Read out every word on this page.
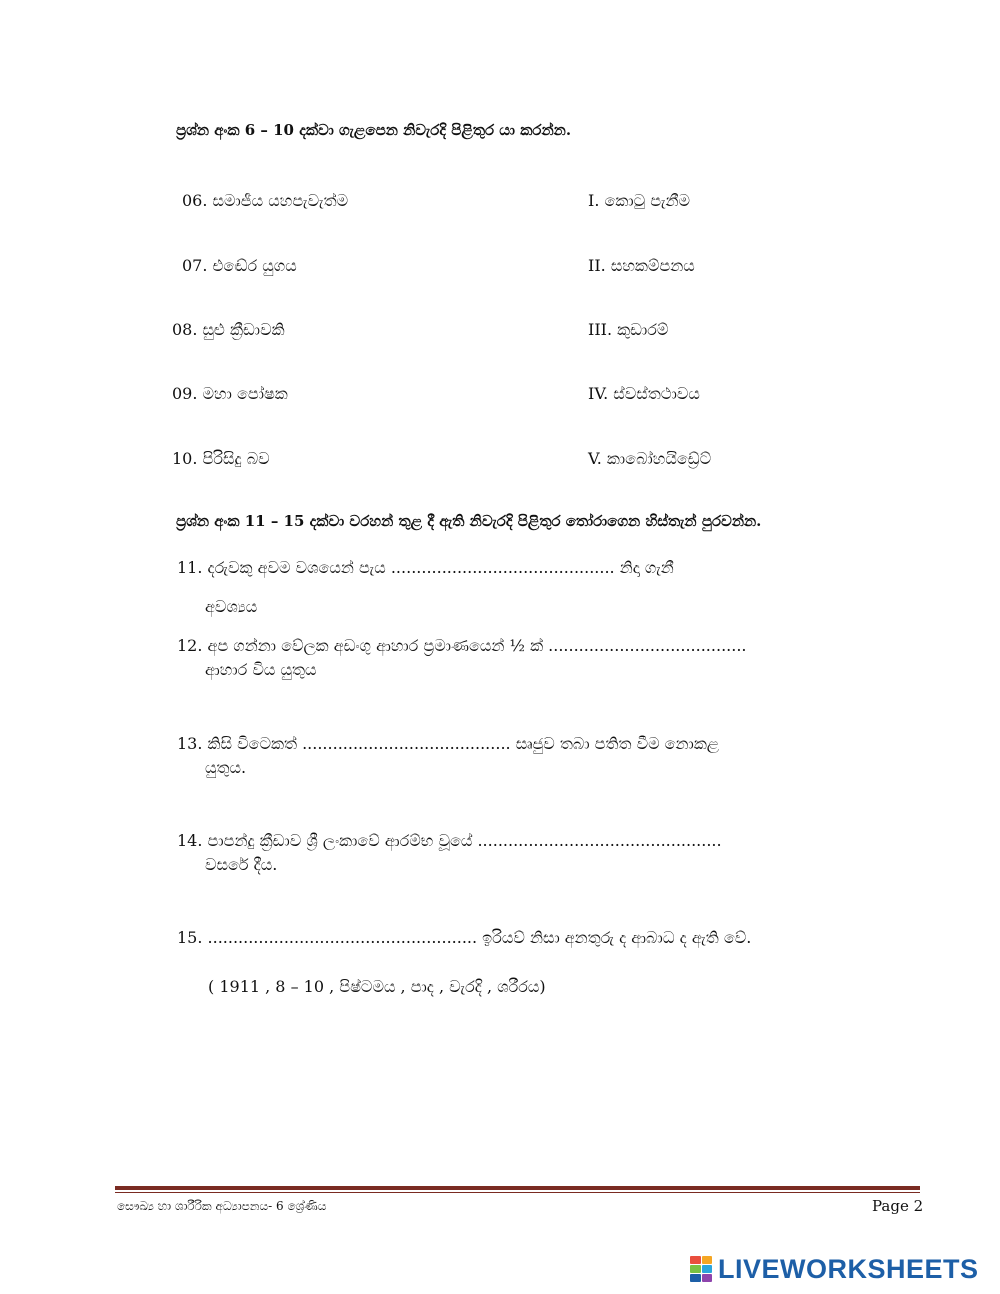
ප්‍රශ්න අංක 6 – 10 දක්වා ගැළපෙන නිවැරදි පිළිතුර යා කරන්න.
06. සමාජීය යහපැවැත්ම
07. එඬේර යුගය
08. සුළු ක්‍රීඩාවකි
09. මහා පෝෂක
10. පිරිසිදු බව
I. කොටු පැනීම
II. සහකම්පනය
III. කුඩාරම්
IV. ස්වස්තථාවය
V. කාබෝහයිඩ්‍රේට්
ප්‍රශ්න අංක 11 – 15 දක්වා වරහන් තුළ දී ඇති නිවැරදි පිළිතුර තෝරාගෙන හිස්තැන් පුරවන්න.
11. දරුවකු අවම වශයෙන් පැය ............................................ නිදා ගැනී
අවශ්‍යය
12. අප ගන්නා වේලක අඩංගු ආහාර ප්‍රමාණයෙන් ½ ක් .......................................
ආහාර විය යුතුය
13. කිසි විටෙකත් ......................................... සෘජුව තබා පතිත වීම නොකළ
යුතුය.
14. පාපන්දු ක්‍රීඩාව ශ්‍රී ලංකාවේ ආරම්භ වූයේ ................................................
වසරේ දීය.
15. ..................................................... ඉරියව් නිසා අනතුරු ද ආබාධ ද ඇති වේ.
( 1911 , 8 – 10 , පිෂ්ටමය , පාද , වැරදි , ශරීරය)
සෞඛ්‍ය හා ශාරීරික අධ්‍යාපනය- 6 ශ්‍රේණිය	Page 2
LIVEWORKSHEETS
